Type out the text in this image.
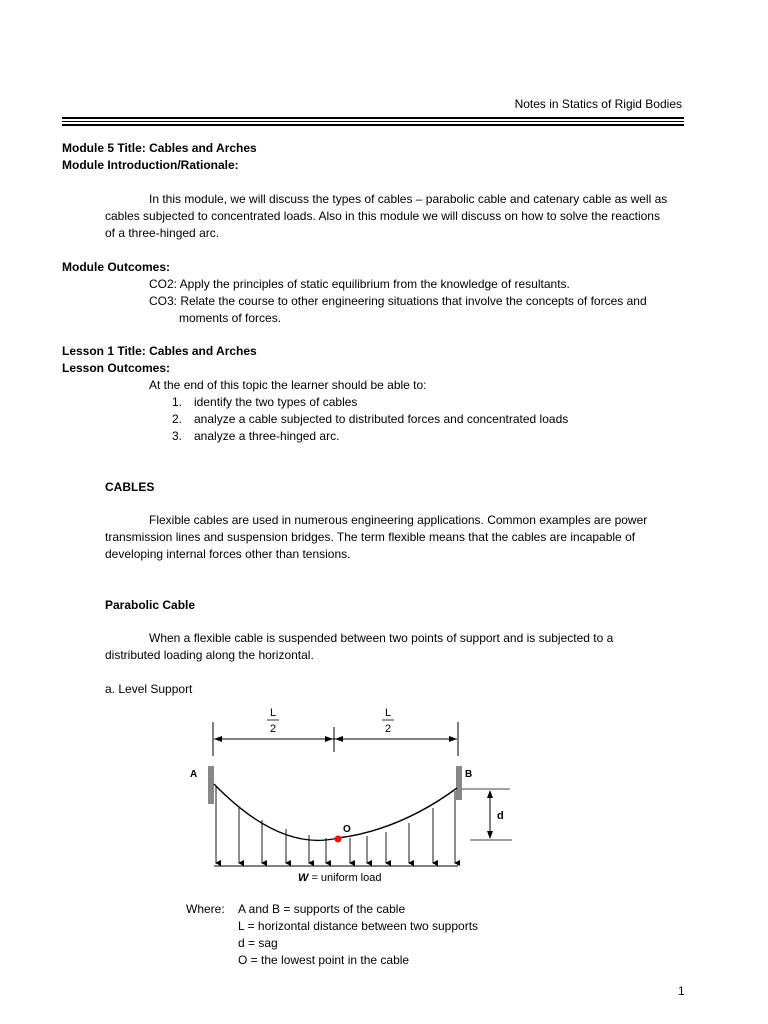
Notes in Statics of Rigid Bodies
Module 5 Title: Cables and Arches
Module Introduction/Rationale:
In this module, we will discuss the types of cables – parabolic cable and catenary cable as well as
cables subjected to concentrated loads. Also in this module we will discuss on how to solve the reactions
of a three-hinged arc.
Module Outcomes:
CO2: Apply the principles of static equilibrium from the knowledge of resultants.
CO3: Relate the course to other engineering situations that involve the concepts of forces and
moments of forces.
Lesson 1 Title: Cables and Arches
Lesson Outcomes:
At the end of this topic the learner should be able to:
1. identify the two types of cables
2. analyze a cable subjected to distributed forces and concentrated loads
3. analyze a three-hinged arc.
CABLES
Flexible cables are used in numerous engineering applications. Common examples are power
transmission lines and suspension bridges. The term flexible means that the cables are incapable of
developing internal forces other than tensions.
Parabolic Cable
When a flexible cable is suspended between two points of support and is subjected to a
distributed loading along the horizontal.
a. Level Support
L
2
L
2
A	B
O
d
W = uniform load
Where: A and B = supports of the cable
L = horizontal distance between two supports
d = sag
O = the lowest point in the cable
1
